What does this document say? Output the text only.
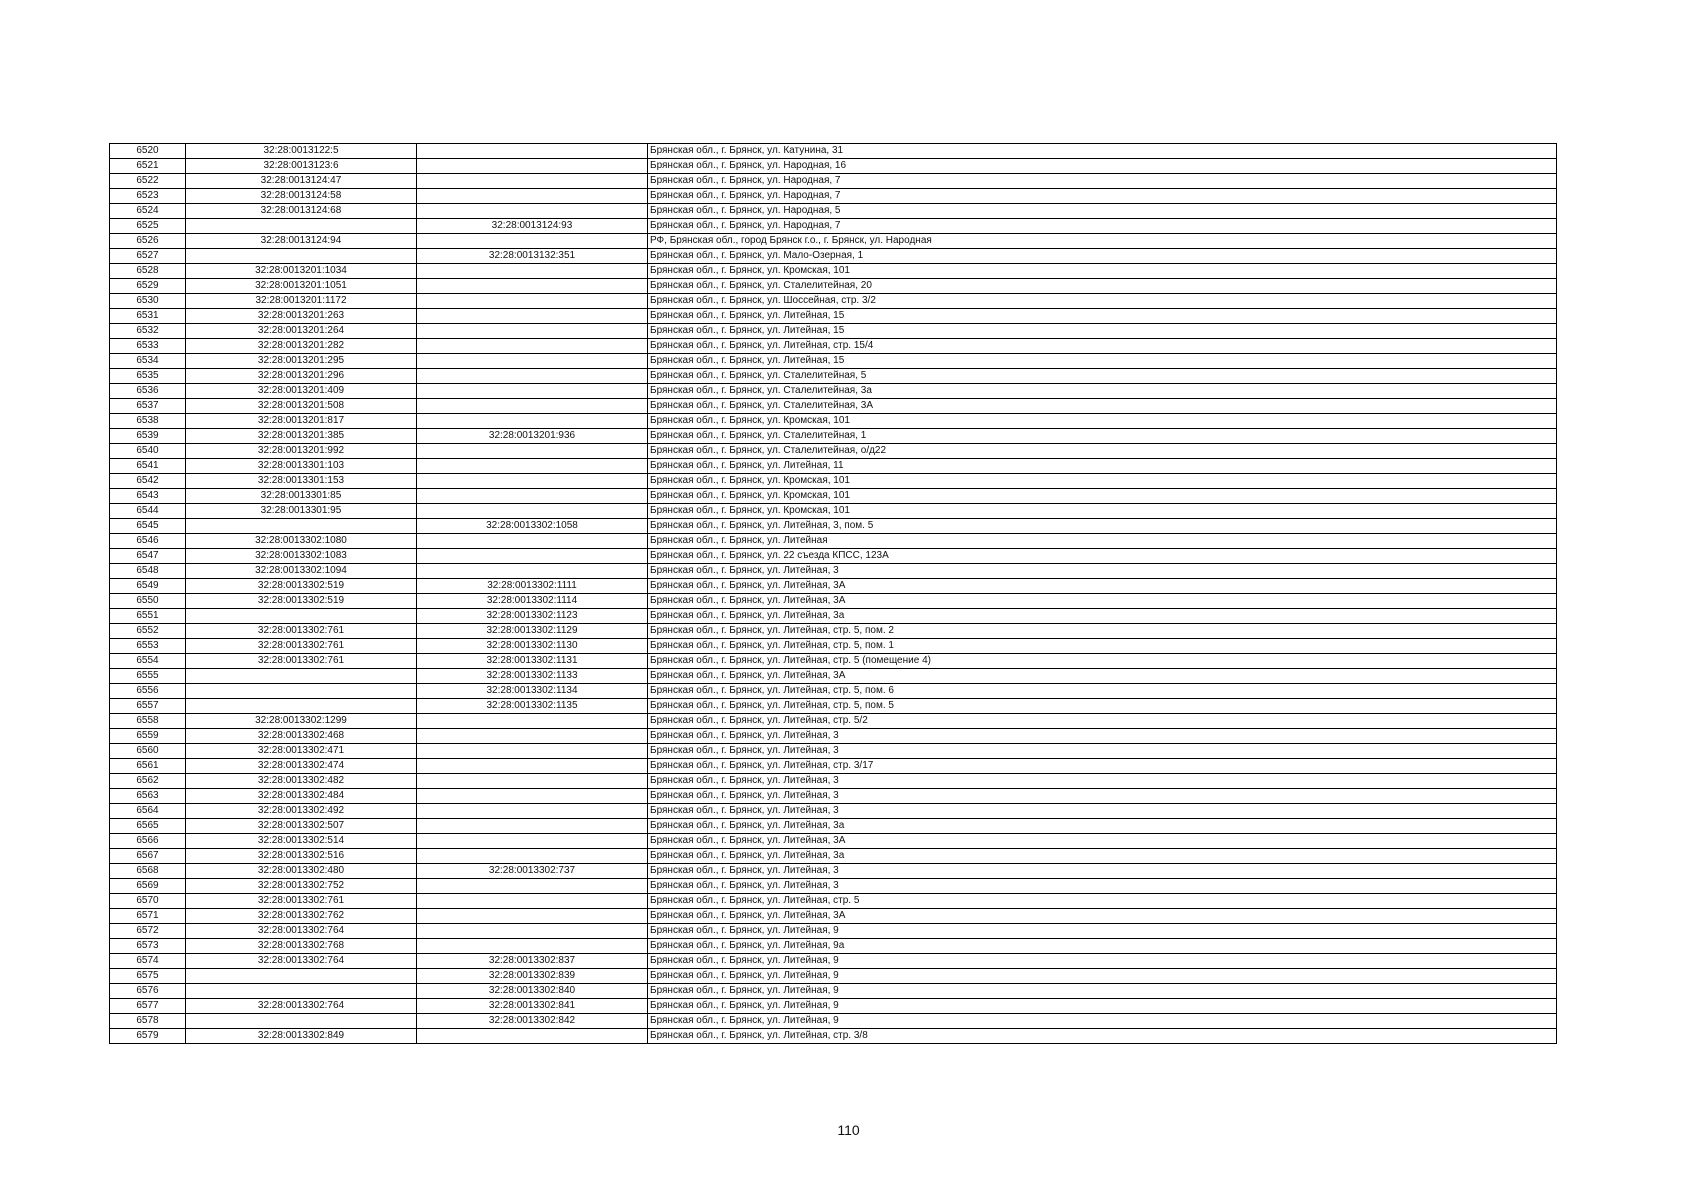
6520	32:28:0013122:5		Брянская обл., г. Брянск, ул. Катунина, 31
6521	32:28:0013123:6		Брянская обл., г. Брянск, ул. Народная, 16
6522	32:28:0013124:47		Брянская обл., г. Брянск, ул. Народная, 7
6523	32:28:0013124:58		Брянская обл., г. Брянск, ул. Народная, 7
6524	32:28:0013124:68		Брянская обл., г. Брянск, ул. Народная, 5
6525		32:28:0013124:93	Брянская обл., г. Брянск, ул. Народная, 7
6526	32:28:0013124:94		РФ, Брянская обл., город Брянск г.о., г. Брянск, ул. Народная
6527		32:28:0013132:351	Брянская обл., г. Брянск, ул. Мало-Озерная, 1
6528	32:28:0013201:1034		Брянская обл., г. Брянск, ул. Кромская, 101
6529	32:28:0013201:1051		Брянская обл., г. Брянск, ул. Сталелитейная, 20
6530	32:28:0013201:1172		Брянская обл., г. Брянск, ул. Шоссейная, стр. 3/2
6531	32:28:0013201:263		Брянская обл., г. Брянск, ул. Литейная, 15
6532	32:28:0013201:264		Брянская обл., г. Брянск, ул. Литейная, 15
6533	32:28:0013201:282		Брянская обл., г. Брянск, ул. Литейная, стр. 15/4
6534	32:28:0013201:295		Брянская обл., г. Брянск, ул. Литейная, 15
6535	32:28:0013201:296		Брянская обл., г. Брянск, ул. Сталелитейная, 5
6536	32:28:0013201:409		Брянская обл., г. Брянск, ул. Сталелитейная, 3а
6537	32:28:0013201:508		Брянская обл., г. Брянск, ул. Сталелитейная, 3А
6538	32:28:0013201:817		Брянская обл., г. Брянск, ул. Кромская, 101
6539	32:28:0013201:385	32:28:0013201:936	Брянская обл., г. Брянск, ул. Сталелитейная, 1
6540	32:28:0013201:992		Брянская обл., г. Брянск, ул. Сталелитейная, о/д22
6541	32:28:0013301:103		Брянская обл., г. Брянск, ул. Литейная, 11
6542	32:28:0013301:153		Брянская обл., г. Брянск, ул. Кромская, 101
6543	32:28:0013301:85		Брянская обл., г. Брянск, ул. Кромская, 101
6544	32:28:0013301:95		Брянская обл., г. Брянск, ул. Кромская, 101
6545		32:28:0013302:1058	Брянская обл., г. Брянск, ул. Литейная, 3, пом. 5
6546	32:28:0013302:1080		Брянская обл., г. Брянск, ул. Литейная
6547	32:28:0013302:1083		Брянская обл., г. Брянск, ул. 22 съезда КПСС, 123А
6548	32:28:0013302:1094		Брянская обл., г. Брянск, ул. Литейная, 3
6549	32:28:0013302:519	32:28:0013302:1111	Брянская обл., г. Брянск, ул. Литейная, 3А
6550	32:28:0013302:519	32:28:0013302:1114	Брянская обл., г. Брянск, ул. Литейная, 3А
6551		32:28:0013302:1123	Брянская обл., г. Брянск, ул. Литейная, 3а
6552	32:28:0013302:761	32:28:0013302:1129	Брянская обл., г. Брянск, ул. Литейная, стр. 5, пом. 2
6553	32:28:0013302:761	32:28:0013302:1130	Брянская обл., г. Брянск, ул. Литейная, стр. 5, пом. 1
6554	32:28:0013302:761	32:28:0013302:1131	Брянская обл., г. Брянск, ул. Литейная, стр. 5 (помещение 4)
6555		32:28:0013302:1133	Брянская обл., г. Брянск, ул. Литейная, 3А
6556		32:28:0013302:1134	Брянская обл., г. Брянск, ул. Литейная, стр. 5, пом. 6
6557		32:28:0013302:1135	Брянская обл., г. Брянск, ул. Литейная, стр. 5, пом. 5
6558	32:28:0013302:1299		Брянская обл., г. Брянск, ул. Литейная, стр. 5/2
6559	32:28:0013302:468		Брянская обл., г. Брянск, ул. Литейная, 3
6560	32:28:0013302:471		Брянская обл., г. Брянск, ул. Литейная, 3
6561	32:28:0013302:474		Брянская обл., г. Брянск, ул. Литейная, стр. 3/17
6562	32:28:0013302:482		Брянская обл., г. Брянск, ул. Литейная, 3
6563	32:28:0013302:484		Брянская обл., г. Брянск, ул. Литейная, 3
6564	32:28:0013302:492		Брянская обл., г. Брянск, ул. Литейная, 3
6565	32:28:0013302:507		Брянская обл., г. Брянск, ул. Литейная, 3а
6566	32:28:0013302:514		Брянская обл., г. Брянск, ул. Литейная, 3А
6567	32:28:0013302:516		Брянская обл., г. Брянск, ул. Литейная, 3а
6568	32:28:0013302:480	32:28:0013302:737	Брянская обл., г. Брянск, ул. Литейная, 3
6569	32:28:0013302:752		Брянская обл., г. Брянск, ул. Литейная, 3
6570	32:28:0013302:761		Брянская обл., г. Брянск, ул. Литейная, стр. 5
6571	32:28:0013302:762		Брянская обл., г. Брянск, ул. Литейная, 3А
6572	32:28:0013302:764		Брянская обл., г. Брянск, ул. Литейная, 9
6573	32:28:0013302:768		Брянская обл., г. Брянск, ул. Литейная, 9а
6574	32:28:0013302:764	32:28:0013302:837	Брянская обл., г. Брянск, ул. Литейная, 9
6575		32:28:0013302:839	Брянская обл., г. Брянск, ул. Литейная, 9
6576		32:28:0013302:840	Брянская обл., г. Брянск, ул. Литейная, 9
6577	32:28:0013302:764	32:28:0013302:841	Брянская обл., г. Брянск, ул. Литейная, 9
6578		32:28:0013302:842	Брянская обл., г. Брянск, ул. Литейная, 9
6579	32:28:0013302:849		Брянская обл., г. Брянск, ул. Литейная, стр. 3/8
110
